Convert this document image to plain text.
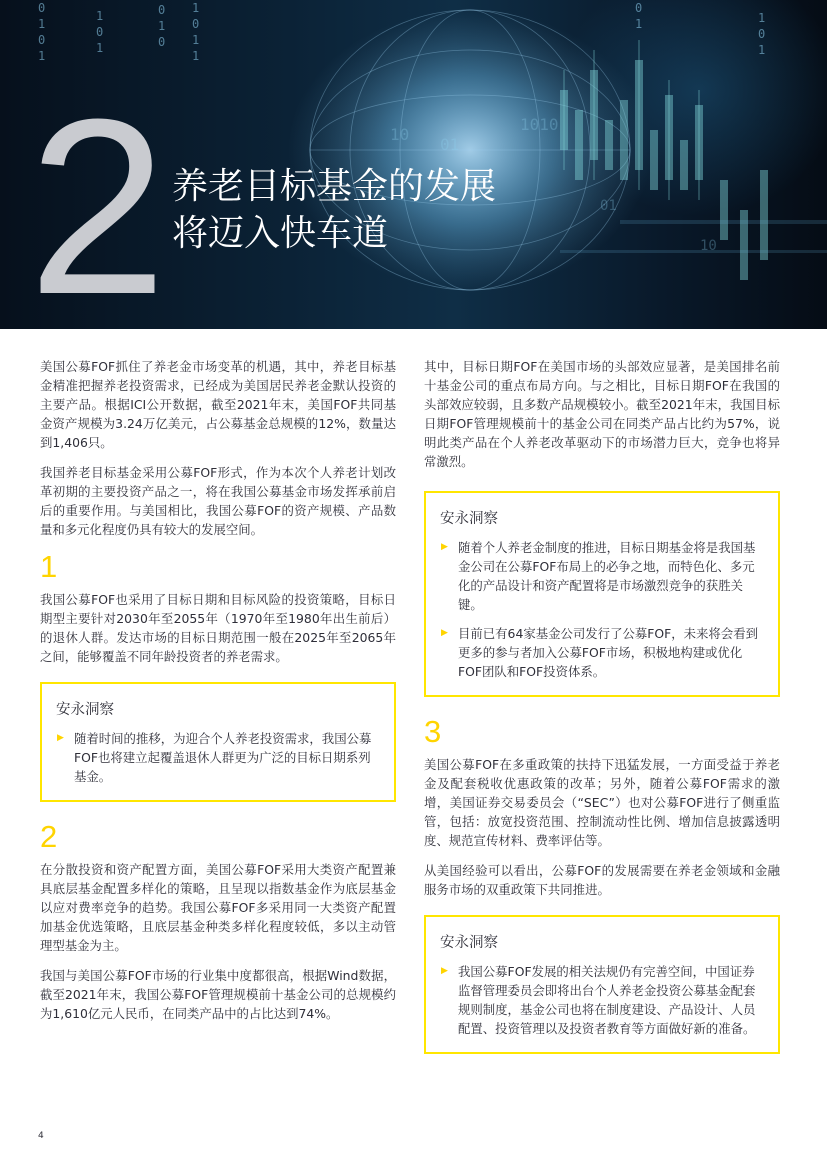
0
1
0
1
1
0
1
0
1
0
1
0
1
1
0
1	1
0
1
10
01
1010
01
10
2 养老目标基金的发展
将迈入快车道

美国公募FOF抓住了养老金市场变革的机遇，其中，养老目标基金精准把握养老投资需求，已经成为美国居民养老金默认投资的主要产品。根据ICI公开数据，截至2021年末，美国FOF共同基金资产规模为3.24万亿美元，占公募基金总规模的12%，数量达到1,406只。

我国养老目标基金采用公募FOF形式，作为本次个人养老计划改革初期的主要投资产品之一，将在我国公募基金市场发挥承前启后的重要作用。与美国相比，我国公募FOF的资产规模、产品数量和多元化程度仍具有较大的发展空间。

1

我国公募FOF也采用了目标日期和目标风险的投资策略，目标日期型主要针对2030年至2055年（1970年至1980年出生前后）的退休人群。发达市场的目标日期范围一般在2025年至2065年之间，能够覆盖不同年龄投资者的养老需求。

安永洞察
▶ 随着时间的推移，为迎合个人养老投资需求，我国公募FOF也将建立起覆盖退休人群更为广泛的目标日期系列基金。
2

在分散投资和资产配置方面，美国公募FOF采用大类资产配置兼具底层基金配置多样化的策略，且呈现以指数基金作为底层基金以应对费率竞争的趋势。我国公募FOF多采用同一大类资产配置加基金优选策略，且底层基金种类多样化程度较低，多以主动管理型基金为主。

我国与美国公募FOF市场的行业集中度都很高，根据Wind数据，截至2021年末，我国公募FOF管理规模前十基金公司的总规模约为1,610亿元人民币，在同类产品中的占比达到74%。

其中，目标日期FOF在美国市场的头部效应显著，是美国排名前十基金公司的重点布局方向。与之相比，目标日期FOF在我国的头部效应较弱，且多数产品规模较小。截至2021年末，我国目标日期FOF管理规模前十的基金公司在同类产品占比约为57%，说明此类产品在个人养老改革驱动下的市场潜力巨大，竞争也将异常激烈。

安永洞察
▶ 随着个人养老金制度的推进，目标日期基金将是我国基金公司在公募FOF布局上的必争之地，而特色化、多元化的产品设计和资产配置将是市场激烈竞争的获胜关键。
▶ 目前已有64家基金公司发行了公募FOF，未来将会看到更多的参与者加入公募FOF市场，积极地构建或优化FOF团队和FOF投资体系。
3

美国公募FOF在多重政策的扶持下迅猛发展，一方面受益于养老金及配套税收优惠政策的改革；另外，随着公募FOF需求的激增，美国证券交易委员会（“SEC”）也对公募FOF进行了侧重监管，包括：放宽投资范围、控制流动性比例、增加信息披露透明度、规范宣传材料、费率评估等。

从美国经验可以看出，公募FOF的发展需要在养老金领域和金融服务市场的双重政策下共同推进。

安永洞察
▶ 我国公募FOF发展的相关法规仍有完善空间，中国证券监督管理委员会即将出台个人养老金投资公募基金配套规则制度，基金公司也将在制度建设、产品设计、人员配置、投资管理以及投资者教育等方面做好新的准备。
4
